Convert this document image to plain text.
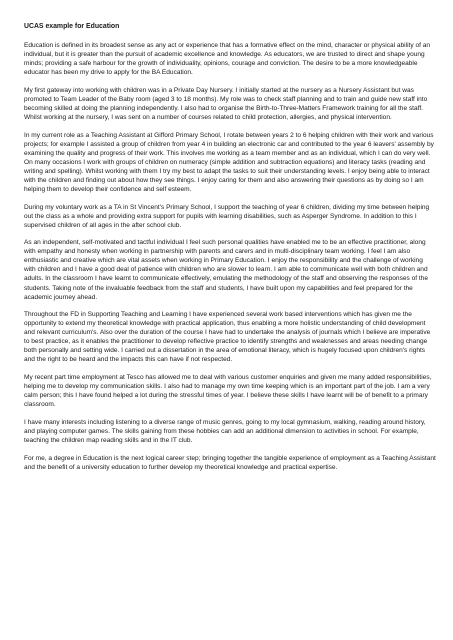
UCAS example for Education

Education is defined in its broadest sense as any act or experience that has a formative effect on the mind, character or physical ability of an individual, but it is greater than the pursuit of academic excellence and knowledge. As educators, we are trusted to direct and shape young minds; providing a safe harbour for the growth of individuality, opinions, courage and conviction. The desire to be a more knowledgeable educator has been my drive to apply for the BA Education.

My first gateway into working with children was in a Private Day Nursery. I initially started at the nursery as a Nursery Assistant but was promoted to Team Leader of the Baby room (aged 3 to 18 months). My role was to check staff planning and to train and guide new staff into becoming skilled at doing the planning independently. I also had to organise the Birth-to-Three-Matters Framework training for all the staff. Whilst working at the nursery, I was sent on a number of courses related to child protection, allergies, and physical intervention.

In my current role as a Teaching Assistant at Gifford Primary School, I rotate between years 2 to 6 helping children with their work and various projects; for example I assisted a group of children from year 4 in building an electronic car and contributed to the year 6 leavers' assembly by examining the quality and progress of their work. This involves me working as a team member and as an individual, which I can do very well. On many occasions I work with groups of children on numeracy (simple addition and subtraction equations) and literacy tasks (reading and writing and spelling). Whilst working with them I try my best to adapt the tasks to suit their understanding levels. I enjoy being able to interact with the children and finding out about how they see things. I enjoy caring for them and also answering their questions as by doing so I am helping them to develop their confidence and self esteem.

During my voluntary work as a TA in St Vincent's Primary School, I support the teaching of year 6 children, dividing my time between helping out the class as a whole and providing extra support for pupils with learning disabilities, such as Asperger Syndrome. In addition to this I supervised children of all ages in the after school club.

As an independent, self-motivated and tactful individual I feel such personal qualities have enabled me to be an effective practitioner, along with empathy and honesty when working in partnership with parents and carers and in multi-disciplinary team working. I feel I am also enthusiastic and creative which are vital assets when working in Primary Education. I enjoy the responsibility and the challenge of working with children and I have a good deal of patience with children who are slower to learn. I am able to communicate well with both children and adults. In the classroom I have learnt to communicate effectively, emulating the methodology of the staff and observing the responses of the students. Taking note of the invaluable feedback from the staff and students, I have built upon my capabilities and feel prepared for the academic journey ahead.

Throughout the FD in Supporting Teaching and Learning I have experienced several work based interventions which has given me the opportunity to extend my theoretical knowledge with practical application, thus enabling a more holistic understanding of child development and relevant curriculum's. Also over the duration of the course I have had to undertake the analysis of journals which I believe are imperative to best practice, as it enables the practitioner to develop reflective practice to identify strengths and weaknesses and areas needing change both personally and setting wide. I carried out a dissertation in the area of emotional literacy, which is hugely focused upon children's rights and the right to be heard and the impacts this can have if not respected.

My recent part time employment at Tesco has allowed me to deal with various customer enquiries and given me many added responsibilities, helping me to develop my communication skills. I also had to manage my own time keeping which is an important part of the job. I am a very calm person; this I have found helped a lot during the stressful times of year. I believe these skills I have learnt will be of benefit to a primary classroom.

I have many interests including listening to a diverse range of music genres, going to my local gymnasium, walking, reading around history, and playing computer games. The skills gaining from these hobbies can add an additional dimension to activities in school. For example, teaching the children map reading skills and in the IT club.

For me, a degree in Education is the next logical career step; bringing together the tangible experience of employment as a Teaching Assistant and the benefit of a university education to further develop my theoretical knowledge and practical expertise.
